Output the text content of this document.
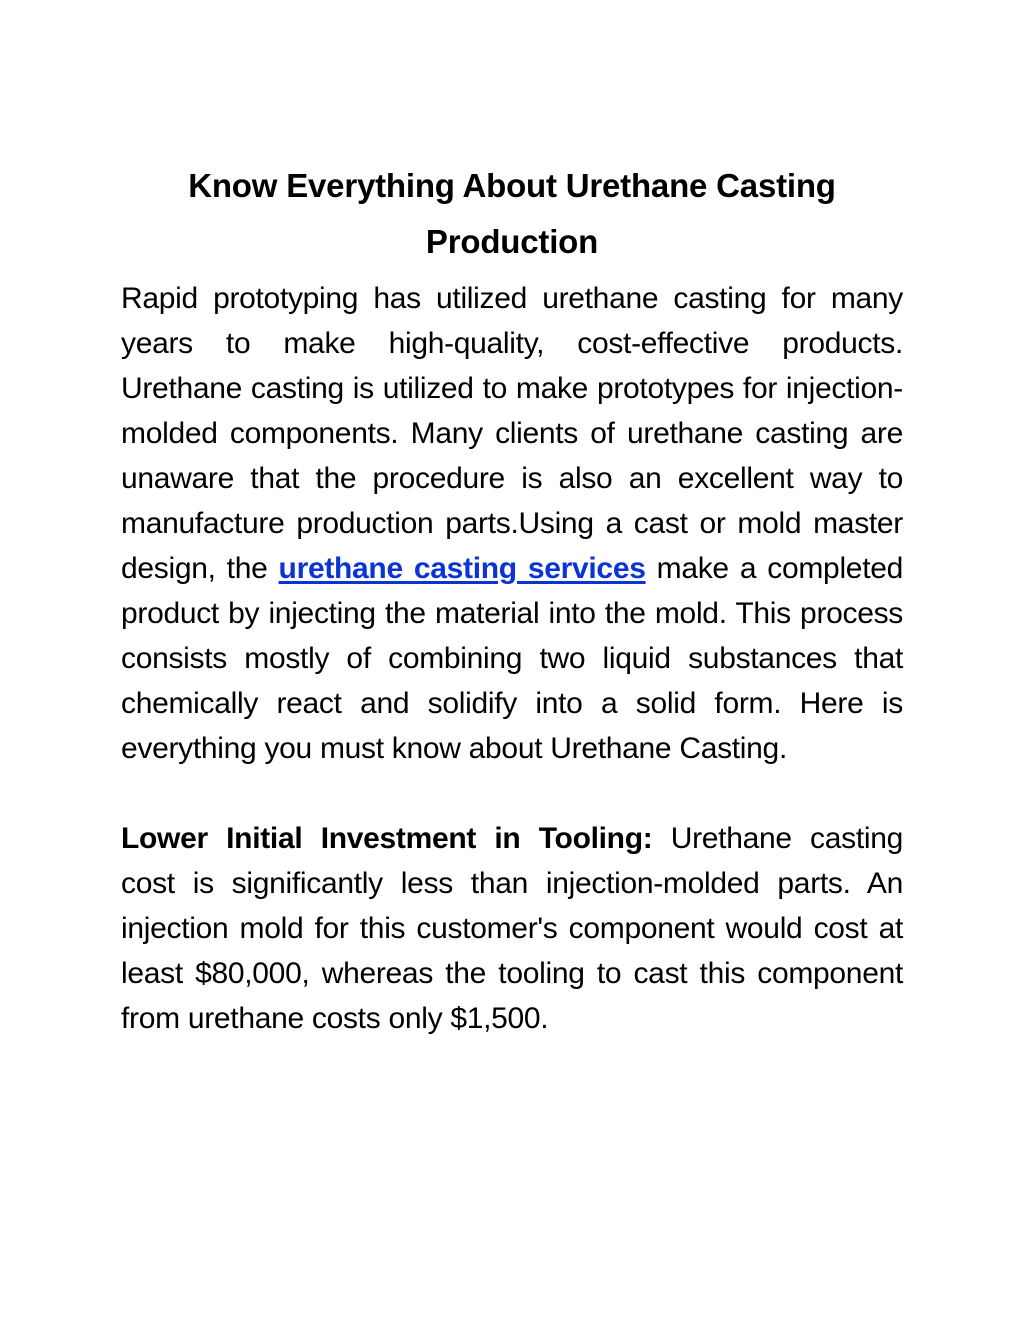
Know Everything About Urethane Casting Production

Rapid prototyping has utilized urethane casting for many years to make high-quality, cost-effective products. Urethane casting is utilized to make prototypes for injection-molded components. Many clients of urethane casting are unaware that the procedure is also an excellent way to manufacture production parts.Using a cast or mold master design, the urethane casting services make a completed product by injecting the material into the mold. This process consists mostly of combining two liquid substances that chemically react and solidify into a solid form. Here is everything you must know about Urethane Casting.

Lower Initial Investment in Tooling: Urethane casting cost is significantly less than injection-molded parts. An injection mold for this customer's component would cost at least $80,000, whereas the tooling to cast this component from urethane costs only $1,500.
